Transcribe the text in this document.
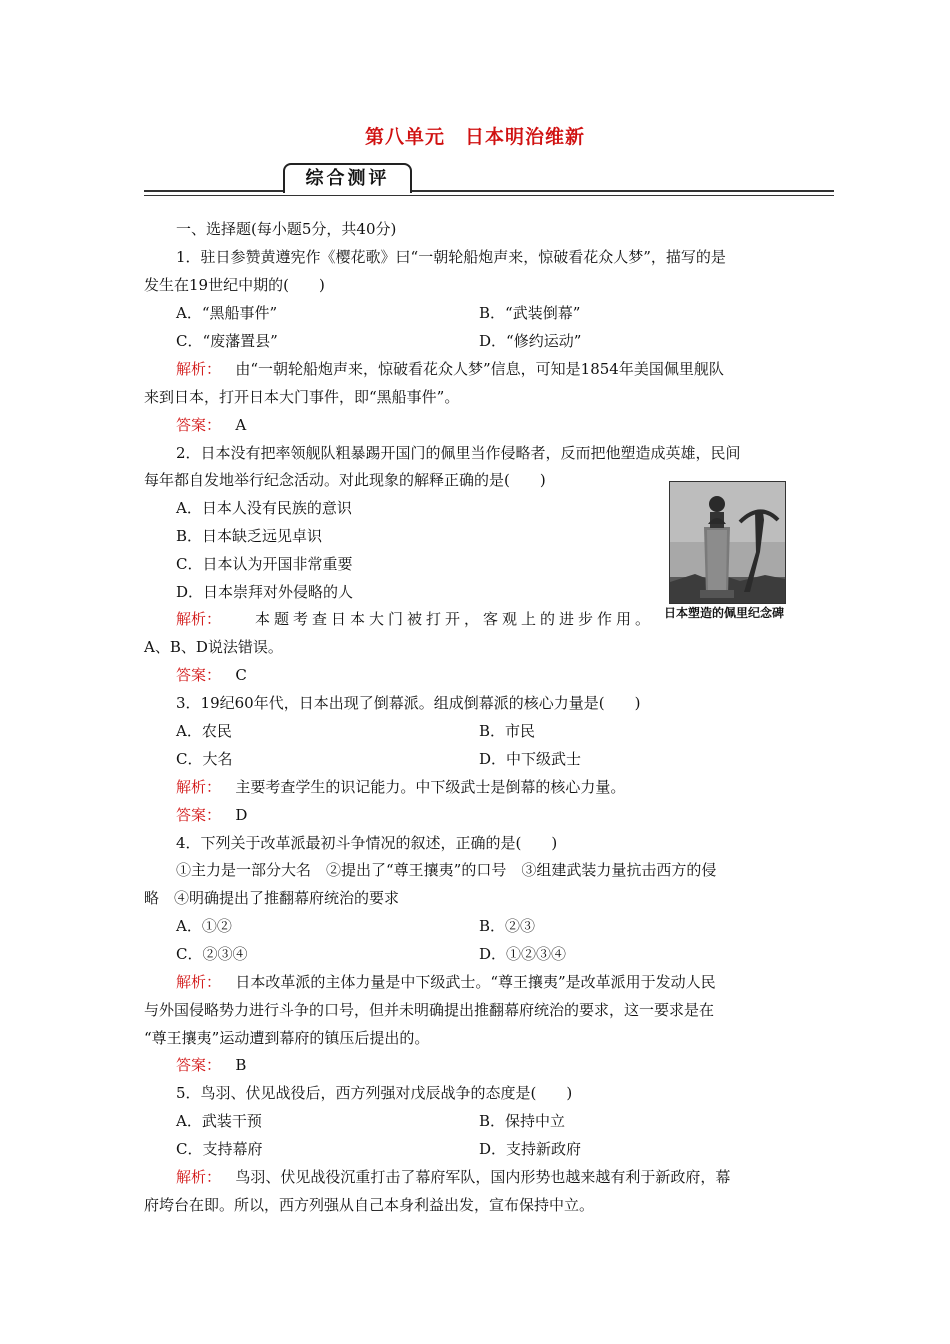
第八单元 日本明治维新
综合测评
一、选择题(每小题5分，共40分)
1．驻日参赞黄遵宪作《樱花歌》曰“一朝轮船炮声来，惊破看花众人梦”，描写的是
发生在19世纪中期的(　　)
A．“黑船事件”	B．“武装倒幕”
C．“废藩置县”	D．“修约运动”
解析： 由“一朝轮船炮声来，惊破看花众人梦”信息，可知是1854年美国佩里舰队
来到日本，打开日本大门事件，即“黑船事件”。
答案： A
2．日本没有把率领舰队粗暴踢开国门的佩里当作侵略者，反而把他塑造成英雄，民间
每年都自发地举行纪念活动。对此现象的解释正确的是(　　)
A．日本人没有民族的意识
B．日本缺乏远见卓识
C．日本认为开国非常重要
D．日本崇拜对外侵略的人
日本塑造的佩里纪念碑
解析： 本题考查日本大门被打开，客观上的进步作用。
A、B、D说法错误。
答案： C
3．19纪60年代，日本出现了倒幕派。组成倒幕派的核心力量是(　　)
A．农民	B．市民
C．大名	D．中下级武士
解析： 主要考查学生的识记能力。中下级武士是倒幕的核心力量。
答案： D
4．下列关于改革派最初斗争情况的叙述，正确的是(　　)
①主力是一部分大名　②提出了“尊王攘夷”的口号　③组建武装力量抗击西方的侵
略　④明确提出了推翻幕府统治的要求
A．①②	B．②③
C．②③④	D．①②③④
解析： 日本改革派的主体力量是中下级武士。“尊王攘夷”是改革派用于发动人民
与外国侵略势力进行斗争的口号，但并未明确提出推翻幕府统治的要求，这一要求是在
“尊王攘夷”运动遭到幕府的镇压后提出的。
答案： B
5．鸟羽、伏见战役后，西方列强对戊辰战争的态度是(　　)
A．武装干预	B．保持中立
C．支持幕府	D．支持新政府
解析： 鸟羽、伏见战役沉重打击了幕府军队，国内形势也越来越有利于新政府，幕
府垮台在即。所以，西方列强从自己本身利益出发，宣布保持中立。
